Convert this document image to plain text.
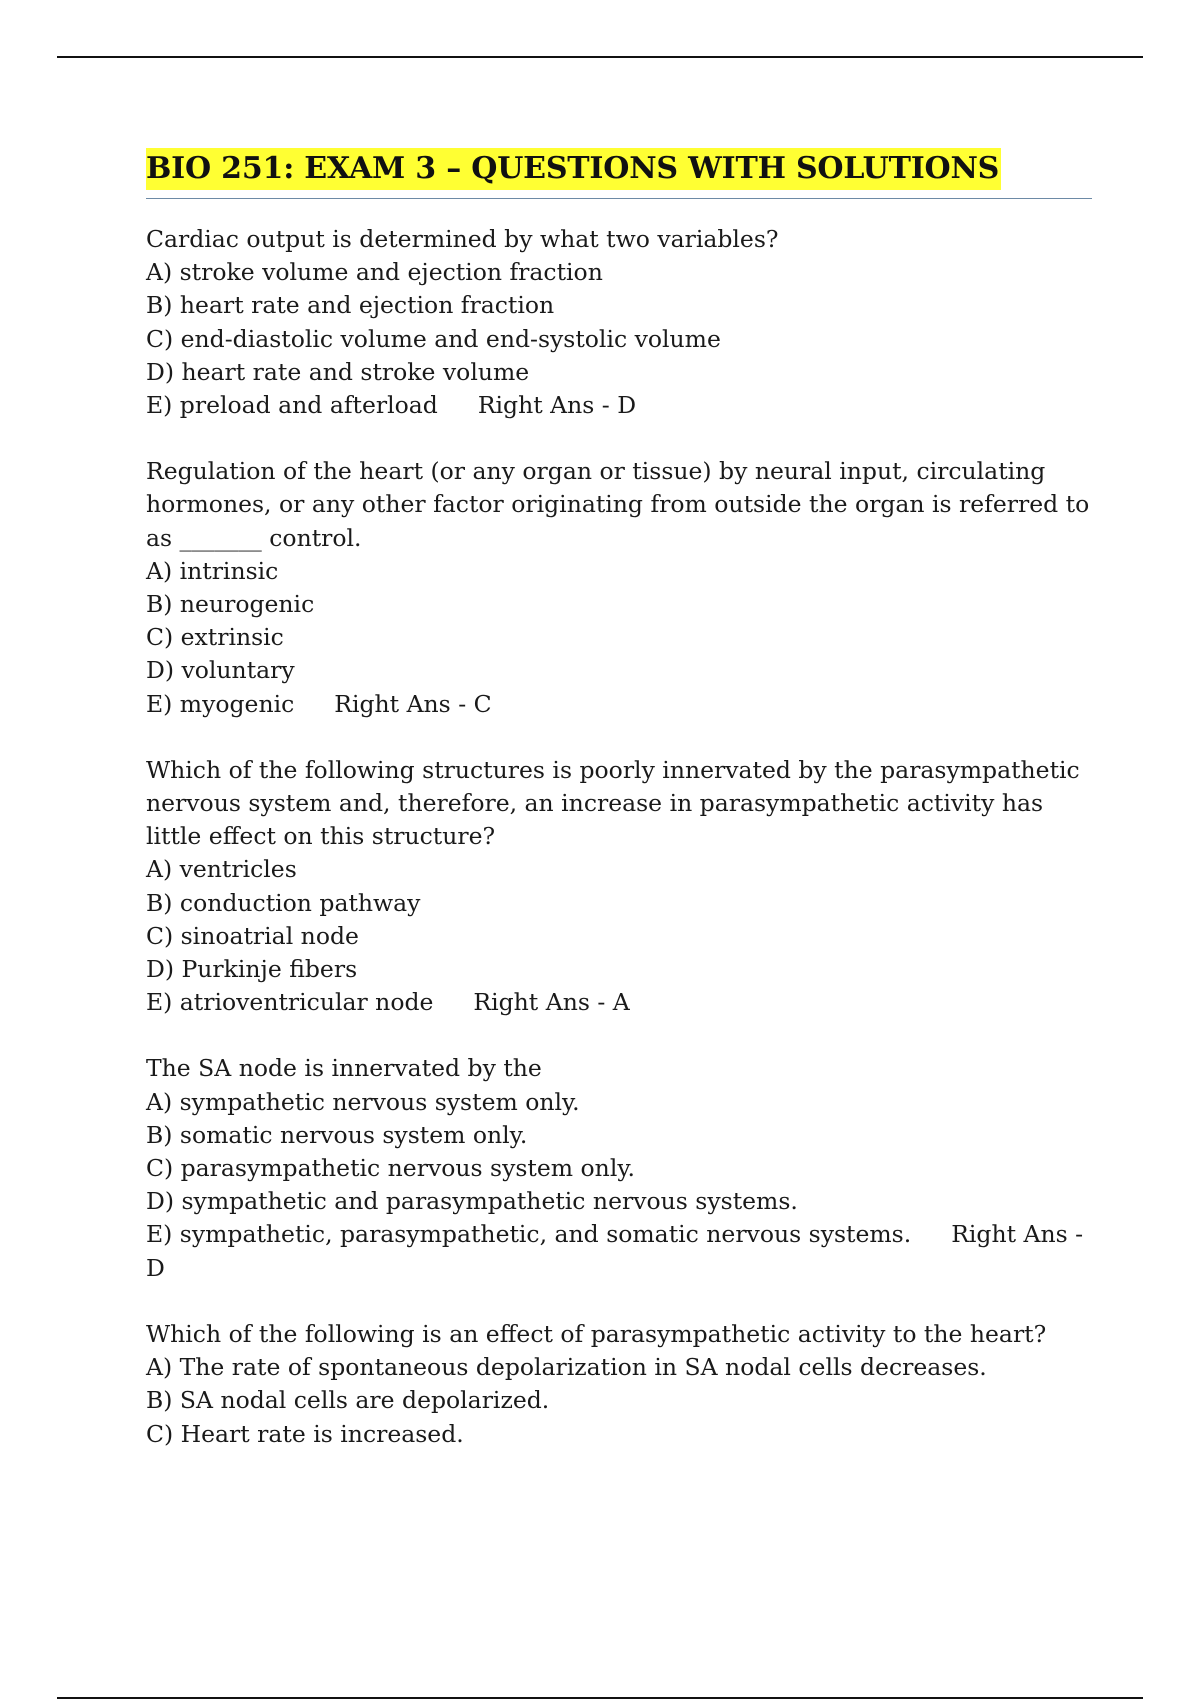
BIO 251: EXAM 3 – QUESTIONS WITH SOLUTIONS
Cardiac output is determined by what two variables?
A) stroke volume and ejection fraction
B) heart rate and ejection fraction
C) end-diastolic volume and end-systolic volume
D) heart rate and stroke volume
E) preload and afterload Right Ans - D
Regulation of the heart (or any organ or tissue) by neural input, circulating hormones, or any other factor originating from outside the organ is referred to as _______ control.
A) intrinsic
B) neurogenic
C) extrinsic
D) voluntary
E) myogenic Right Ans - C
Which of the following structures is poorly innervated by the parasympathetic nervous system and, therefore, an increase in parasympathetic activity has little effect on this structure?
A) ventricles
B) conduction pathway
C) sinoatrial node
D) Purkinje fibers
E) atrioventricular node Right Ans - A
The SA node is innervated by the
A) sympathetic nervous system only.
B) somatic nervous system only.
C) parasympathetic nervous system only.
D) sympathetic and parasympathetic nervous systems.
E) sympathetic, parasympathetic, and somatic nervous systems. Right Ans -
D
Which of the following is an effect of parasympathetic activity to the heart?
A) The rate of spontaneous depolarization in SA nodal cells decreases.
B) SA nodal cells are depolarized.
C) Heart rate is increased.
